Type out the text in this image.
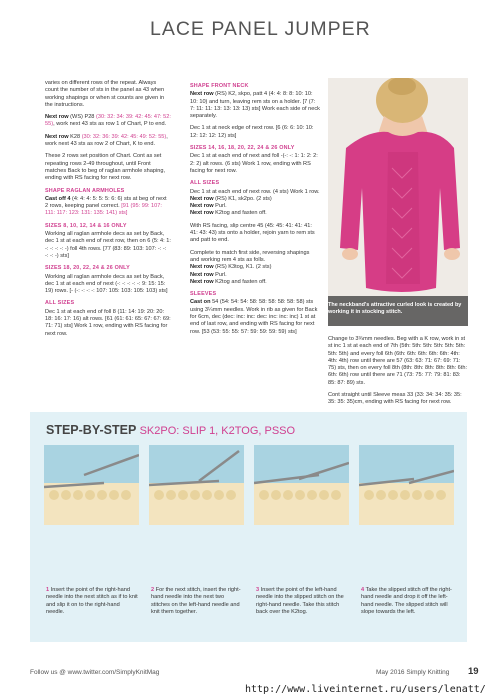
LACE PANEL JUMPER

varies on different rows of the repeat. Always count the number of sts in the panel as 43 when working shapings or when st counts are given in the instructions.

Next row (WS) P28 (30: 32: 34: 39: 42: 45: 47: 52: 55), work next 43 sts as row 1 of Chart, P to end.

Next row K28 (30: 32: 36: 39: 42: 45: 49: 52: 55), work next 43 sts as row 2 of Chart, K to end.

These 2 rows set position of Chart. Cont as set repeating rows 2-49 throughout, until Front matches Back to beg of raglan armhole shaping, ending with RS facing for next row.

SHAPE RAGLAN ARMHOLES

Cast off 4 (4: 4: 4: 5: 5: 5: 6: 6) sts at beg of next 2 rows, keeping panel correct. [91 (95: 99: 107: 111: 117: 123: 131: 135: 141) sts]

SIZES 8, 10, 12, 14 & 16 ONLY

Working all raglan armhole decs as set by Back, dec 1 st at each end of next row, then on 6 (5: 4: 1: -: -: -: -: -) foll 4th rows. [77 (83: 89: 103: 107: -: -: -: -: -) sts]

SIZES 18, 20, 22, 24 & 26 ONLY

Working all raglan armhole decs as set by Back, dec 1 st at each end of next (-: -: -: -: -: 9: 15: 15: 19) rows. [- (-: -: -: -: 107: 105: 103: 105: 103) sts]

ALL SIZES

Dec 1 st at each end of foll 8 (11: 14: 19: 20: 20: 18: 16: 17: 16) alt rows. [61 (61: 61: 65: 67: 67: 69: 71: 71) sts] Work 1 row, ending with RS facing for next row.

SHAPE FRONT NECK

Next row (RS) K2, skpo, patt 4 (4: 4: 8: 8: 10: 10: 10: 10) and turn, leaving rem sts on a holder. [7 (7: 7: 11: 11: 13: 13: 13: 13) sts] Work each side of neck separately.

Dec 1 st at neck edge of next row. [6 (6: 6: 10: 10: 12: 12: 12: 12) sts]

SIZES 14, 16, 18, 20, 22, 24 & 26 ONLY

Dec 1 st at each end of next and foll -(-: -: 1: 1: 2: 2: 2: 2) alt rows. (6 sts) Work 1 row, ending with RS facing for next row.

ALL SIZES

Dec 1 st at each end of next row. (4 sts) Work 1 row.

Next row (RS) K1, sk2po. (2 sts)

Next row Purl.

Next row K2tog and fasten off.

With RS facing, slip centre 45 (45: 45: 41: 41: 41: 41: 43: 43) sts onto a holder, rejoin yarn to rem sts and patt to end.

Complete to match first side, reversing shapings and working rem 4 sts as folls.

Next row (RS) K3tog, K1. (2 sts)

Next row Purl.

Next row K2tog and fasten off.

SLEEVES

Cast on 54 (54: 54: 54: 58: 58: 58: 58: 58: 58) sts using 3¼mm needles. Work in rib as given for Back for 6cm, dec (dec: inc: inc: dec: inc: inc: inc) 1 st at end of last row, and ending with RS facing for next row. [53 (53: 55: 55: 57: 59: 59: 59: 59) sts]

The neckband's attractive curled look is created by working it in stocking stitch.

Change to 3¾mm needles. Beg with a K row, work in st st inc 1 st at each end of 7th (5th: 5th: 5th: 5th: 5th: 5th: 5th: 5th) and every foll 6th (6th: 6th: 6th: 6th: 6th: 4th: 4th: 4th) row until there are 57 (63: 63: 71: 67: 69: 71: 75) sts, then on every foll 8th (8th: 8th: 8th: 8th: 8th: 6th: 6th: 6th) row until there are 71 (73: 75: 77: 79: 81: 83: 85: 87: 89) sts.

Cont straight until Sleeve meas 33 (33: 34: 34: 35: 35: 35: 35: 35)cm, ending with RS facing for next row.

STEP-BY-STEP SK2PO: SLIP 1, K2TOG, PSSO
1 Insert the point of the right-hand needle into the next stitch as if to knit and slip it on to the right-hand needle.
2 For the next stitch, insert the right-hand needle into the next two stitches on the left-hand needle and knit them together.
3 Insert the point of the left-hand needle into the slipped stitch on the right-hand needle. Take this stitch back over the K2tog.
4 Take the slipped stitch off the right-hand needle and drop it off the left-hand needle. The slipped stitch will slope towards the left.
Follow us @ www.twitter.com/SimplyKnitMag	May 2016 Simply Knitting 19
http://www.liveinternet.ru/users/lenatt/
